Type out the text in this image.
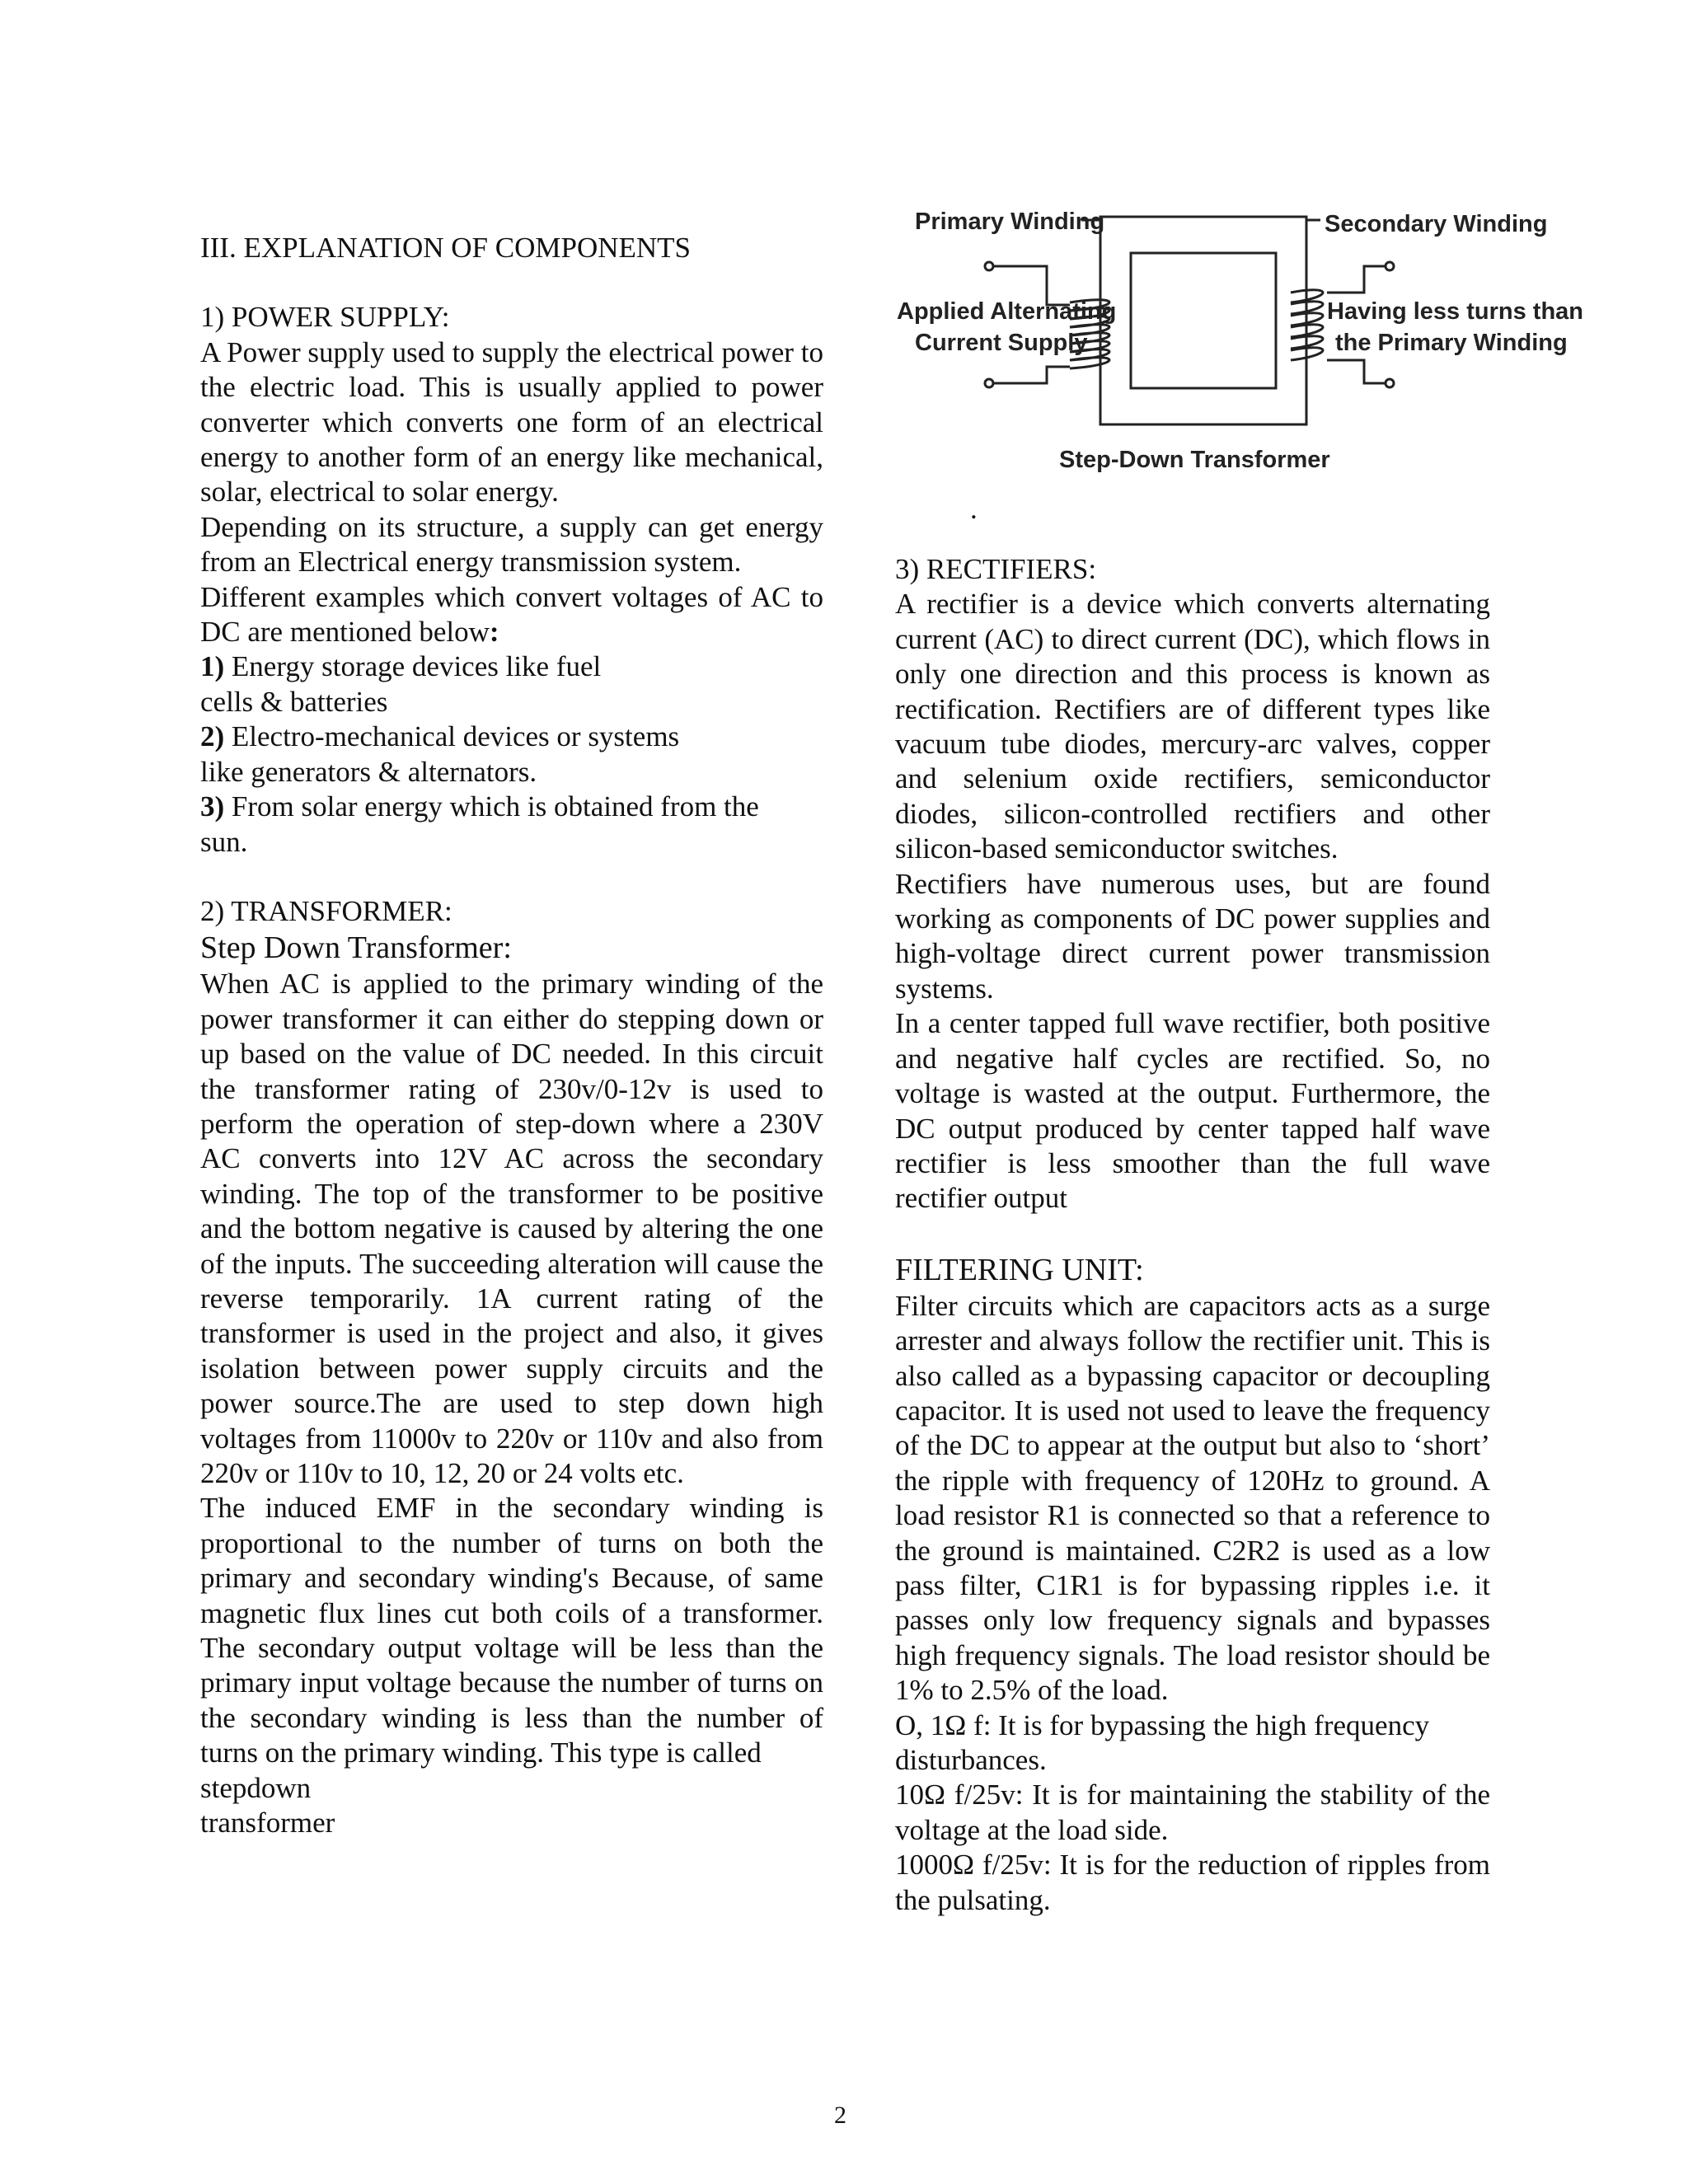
III. EXPLANATION OF COMPONENTS

1) POWER SUPPLY:

A Power supply used to supply the electrical power to the electric load. This is usually applied to power converter which converts one form of an electrical energy to another form of an energy like mechanical, solar, electrical to solar energy.

Depending on its structure, a supply can get energy from an Electrical energy transmission system.

Different examples which convert voltages of AC to DC are mentioned below:

1) Energy storage devices like fuel
cells & batteries

2) Electro-mechanical devices or systems
like generators & alternators.

3) From solar energy which is obtained from the
sun.

2) TRANSFORMER:

Step Down Transformer:

When AC is applied to the primary winding of the power transformer it can either do stepping down or up based on the value of DC needed. In this circuit the transformer rating of 230v/0-12v is used to perform the operation of step-down where a 230V AC converts into 12V AC across the secondary winding. The top of the transformer to be positive and the bottom negative is caused by altering the one of the inputs. The succeeding alteration will cause the reverse temporarily. 1A current rating of the transformer is used in the project and also, it gives isolation between power supply circuits and the power source.The are used to step down high voltages from 11000v to 220v or 110v and also from 220v or 110v to 10, 12, 20 or 24 volts etc.

The induced EMF in the secondary winding is proportional to the number of turns on both the primary and secondary winding's Because, of same magnetic flux lines cut both coils of a transformer. The secondary output voltage will be less than the primary input voltage because the number of turns on the secondary winding is less than the number of turns on the primary winding. This type is called

stepdown
transformer

Primary Winding	Secondary Winding
Applied Alternating
Current Supply
Having less turns than
the Primary Winding
Step-Down Transformer
.

3) RECTIFIERS:

A rectifier is a device which converts alternating current (AC) to direct current (DC), which flows in only one direction and this process is known as rectification. Rectifiers are of different types like vacuum tube diodes, mercury-arc valves, copper and selenium oxide rectifiers, semiconductor diodes, silicon-controlled rectifiers and other silicon-based semiconductor switches.

Rectifiers have numerous uses, but are found working as components of DC power supplies and high-voltage direct current power transmission systems.

In a center tapped full wave rectifier, both positive and negative half cycles are rectified. So, no voltage is wasted at the output. Furthermore, the DC output produced by center tapped half wave rectifier is less smoother than the full wave rectifier output

FILTERING UNIT:

Filter circuits which are capacitors acts as a surge arrester and always follow the rectifier unit. This is also called as a bypassing capacitor or decoupling capacitor. It is used not used to leave the frequency of the DC to appear at the output but also to ‘short’ the ripple with frequency of 120Hz to ground. A load resistor R1 is connected so that a reference to the ground is maintained. C2R2 is used as a low pass filter, C1R1 is for bypassing ripples i.e. it passes only low frequency signals and bypasses high frequency signals. The load resistor should be 1% to 2.5% of the load.

O, 1Ω f: It is for bypassing the high frequency disturbances.

10Ω f/25v: It is for maintaining the stability of the voltage at the load side.

1000Ω f/25v: It is for the reduction of ripples from the pulsating.

2
